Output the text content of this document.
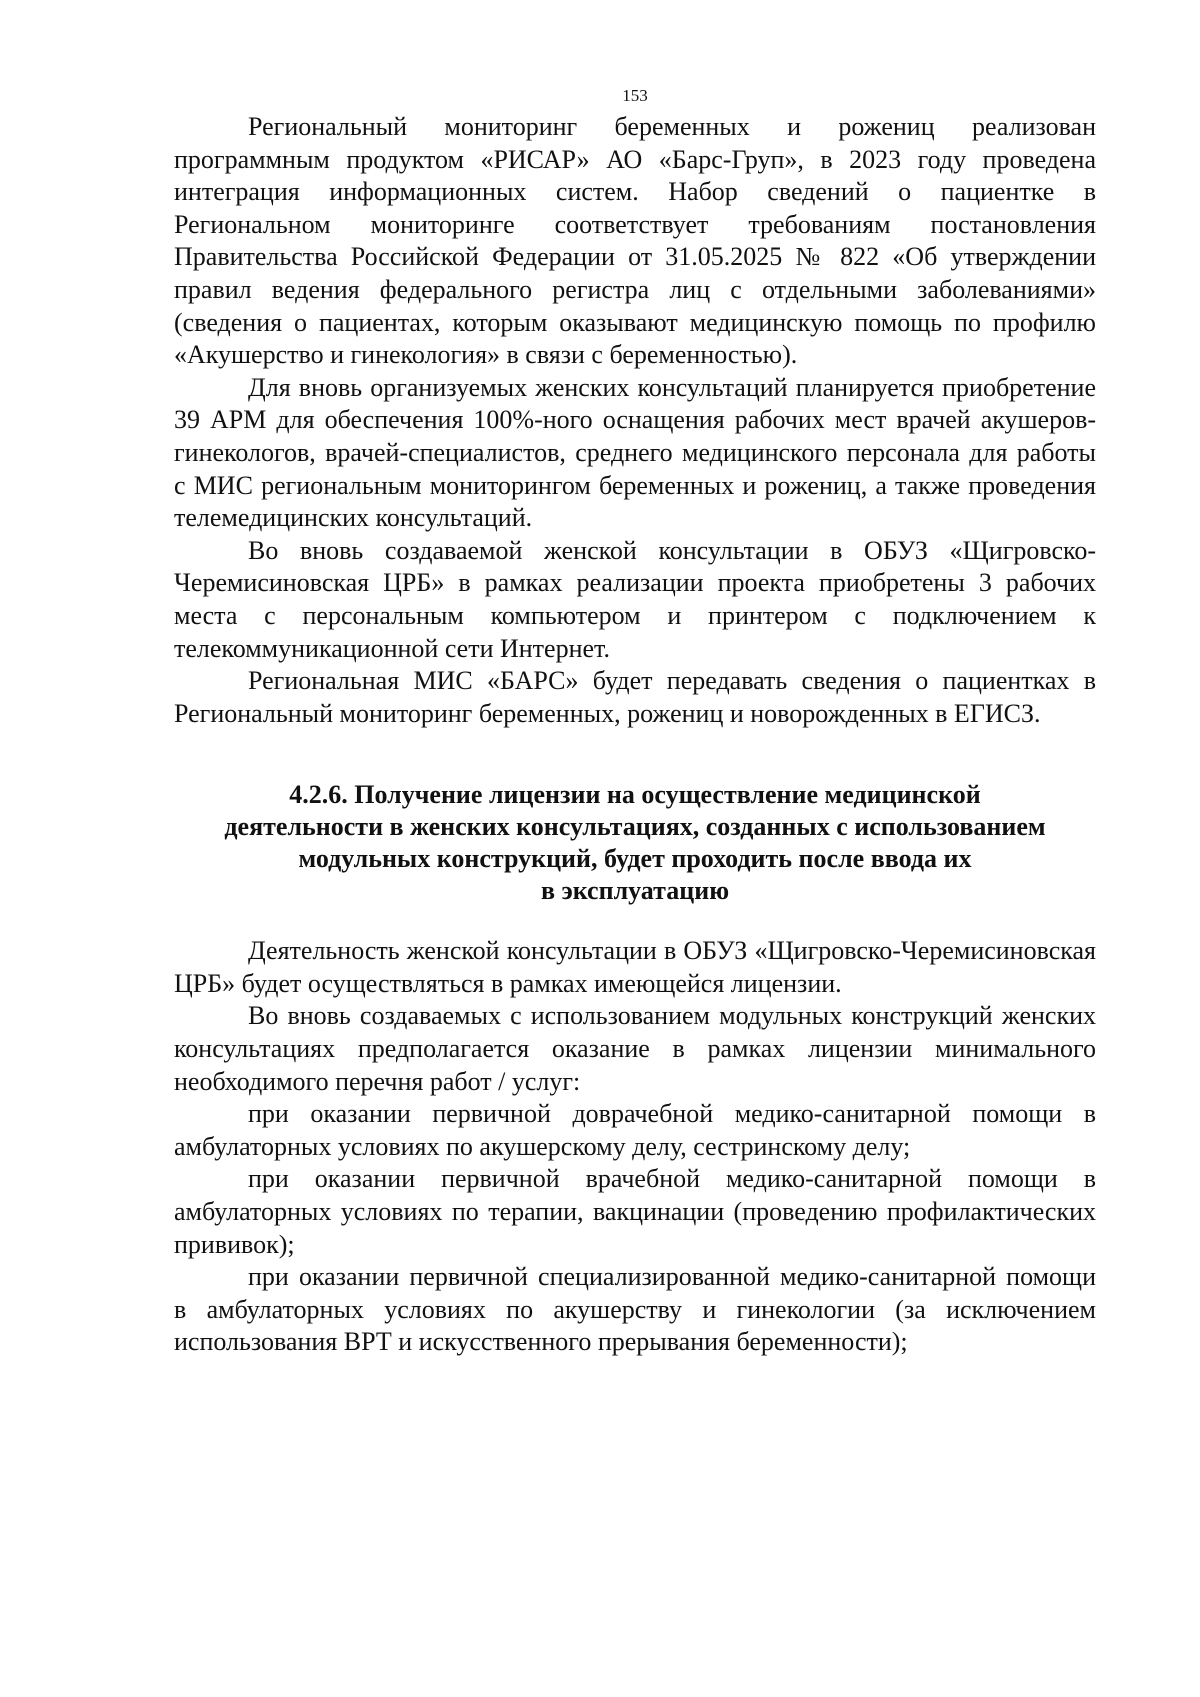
153

Региональный мониторинг беременных и рожениц реализован программным продуктом «РИСАР» АО «Барс-Груп», в 2023 году проведена интеграция информационных систем. Набор сведений о пациентке в Региональном мониторинге соответствует требованиям постановления Правительства Российской Федерации от 31.05.2025 № 822 «Об утверждении правил ведения федерального регистра лиц с отдельными заболеваниями» (сведения о пациентах, которым оказывают медицинскую помощь по профилю «Акушерство и гинекология» в связи с беременностью).

Для вновь организуемых женских консультаций планируется приобретение 39 АРМ для обеспечения 100%-ного оснащения рабочих мест врачей акушеров-гинекологов, врачей-специалистов, среднего медицинского персонала для работы с МИС региональным мониторингом беременных и рожениц, а также проведения телемедицинских консультаций.

Во вновь создаваемой женской консультации в ОБУЗ «Щигровско-Черемисиновская ЦРБ» в рамках реализации проекта приобретены 3 рабочих места с персональным компьютером и принтером с подключением к телекоммуникационной сети Интернет.

Региональная МИС «БАРС» будет передавать сведения о пациентках в Региональный мониторинг беременных, рожениц и новорожденных в ЕГИСЗ.

4.2.6. Получение лицензии на осуществление медицинской
деятельности в женских консультациях, созданных с использованием
модульных конструкций, будет проходить после ввода их
в эксплуатацию

Деятельность женской консультации в ОБУЗ «Щигровско-Черемисиновская ЦРБ» будет осуществляться в рамках имеющейся лицензии.

Во вновь создаваемых с использованием модульных конструкций женских консультациях предполагается оказание в рамках лицензии минимального необходимого перечня работ / услуг:

при оказании первичной доврачебной медико-санитарной помощи в амбулаторных условиях по акушерскому делу, сестринскому делу;

при оказании первичной врачебной медико-санитарной помощи в амбулаторных условиях по терапии, вакцинации (проведению профилактических прививок);

при оказании первичной специализированной медико-санитарной помощи в амбулаторных условиях по акушерству и гинекологии (за исключением использования ВРТ и искусственного прерывания беременности);
